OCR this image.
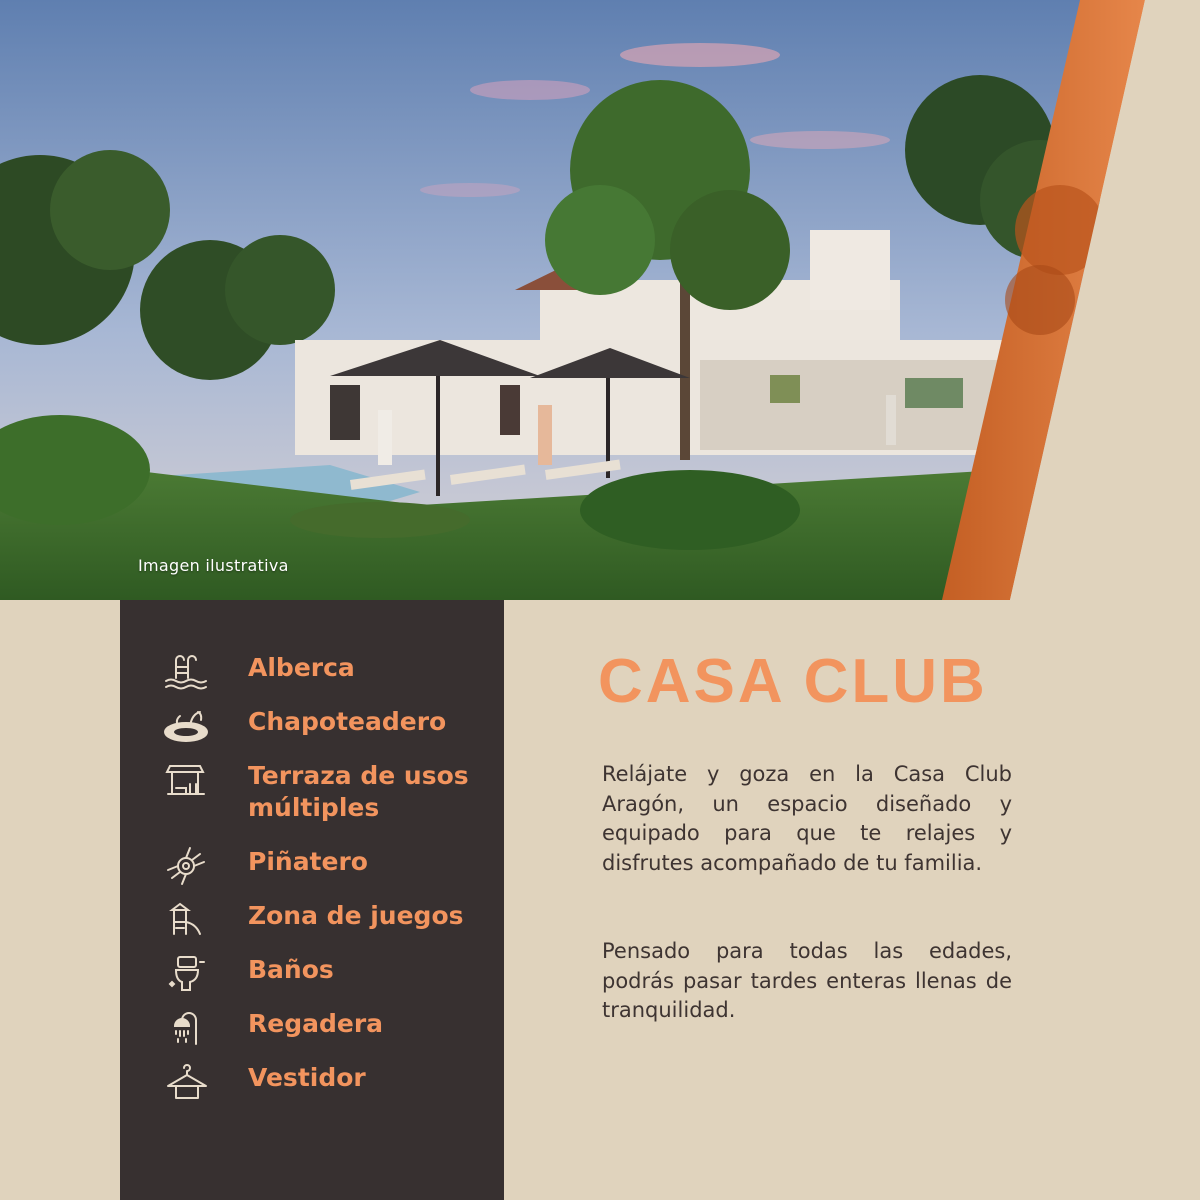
Imagen ilustrativa
Alberca
Chapoteadero
Terraza de usos múltiples
Piñatero
Zona de juegos
Baños
Regadera
Vestidor
CASA CLUB

Relájate y goza en la Casa Club Aragón, un espacio diseñado y equipado para que te relajes y disfrutes acompañado de tu familia.

Pensado para todas las edades, podrás pasar tardes enteras llenas de tranquilidad.
